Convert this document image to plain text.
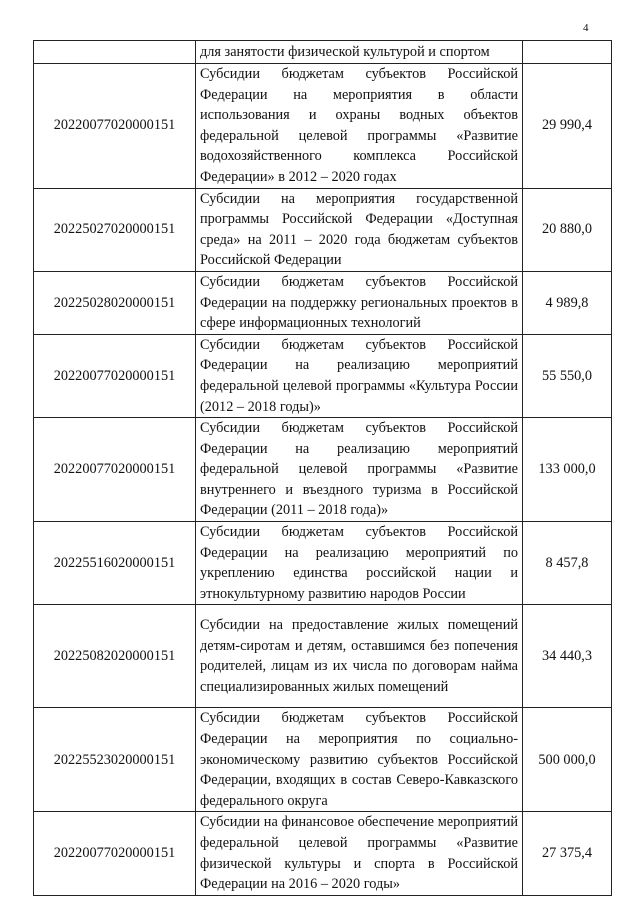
4
	для занятости физической культурой и спортом	
20220077020000151	Субсидии бюджетам субъектов Российской Федерации на мероприятия в области использования и охраны водных объектов федеральной целевой программы «Развитие водохозяйственного комплекса Российской Федерации» в 2012 – 2020 годах	29 990,4
20225027020000151	Субсидии на мероприятия государственной программы Российской Федерации «Доступная среда» на 2011 – 2020 года бюджетам субъектов Российской Федерации	20 880,0
20225028020000151	Субсидии бюджетам субъектов Российской Федерации на поддержку региональных проектов в сфере информационных технологий	4 989,8
20220077020000151	Субсидии бюджетам субъектов Российской Федерации на реализацию мероприятий федеральной целевой программы «Культура России (2012 – 2018 годы)»	55 550,0
20220077020000151	Субсидии бюджетам субъектов Российской Федерации на реализацию мероприятий федеральной целевой программы «Развитие внутреннего и въездного туризма в Российской Федерации (2011 – 2018 года)»	133 000,0
20225516020000151	Субсидии бюджетам субъектов Российской Федерации на реализацию мероприятий по укреплению единства российской нации и этнокультурному развитию народов России	8 457,8
20225082020000151	Субсидии на предоставление жилых помещений детям-сиротам и детям, оставшимся без попечения родителей, лицам из их числа по договорам найма специализированных жилых помещений	34 440,3
20225523020000151	Субсидии бюджетам субъектов Российской Федерации на мероприятия по социально-экономическому развитию субъектов Российской Федерации, входящих в состав Северо-Кавказского федерального округа	500 000,0
20220077020000151	Субсидии на финансовое обеспечение мероприятий федеральной целевой программы «Развитие физической культуры и спорта в Российской Федерации на 2016 – 2020 годы»	27 375,4
